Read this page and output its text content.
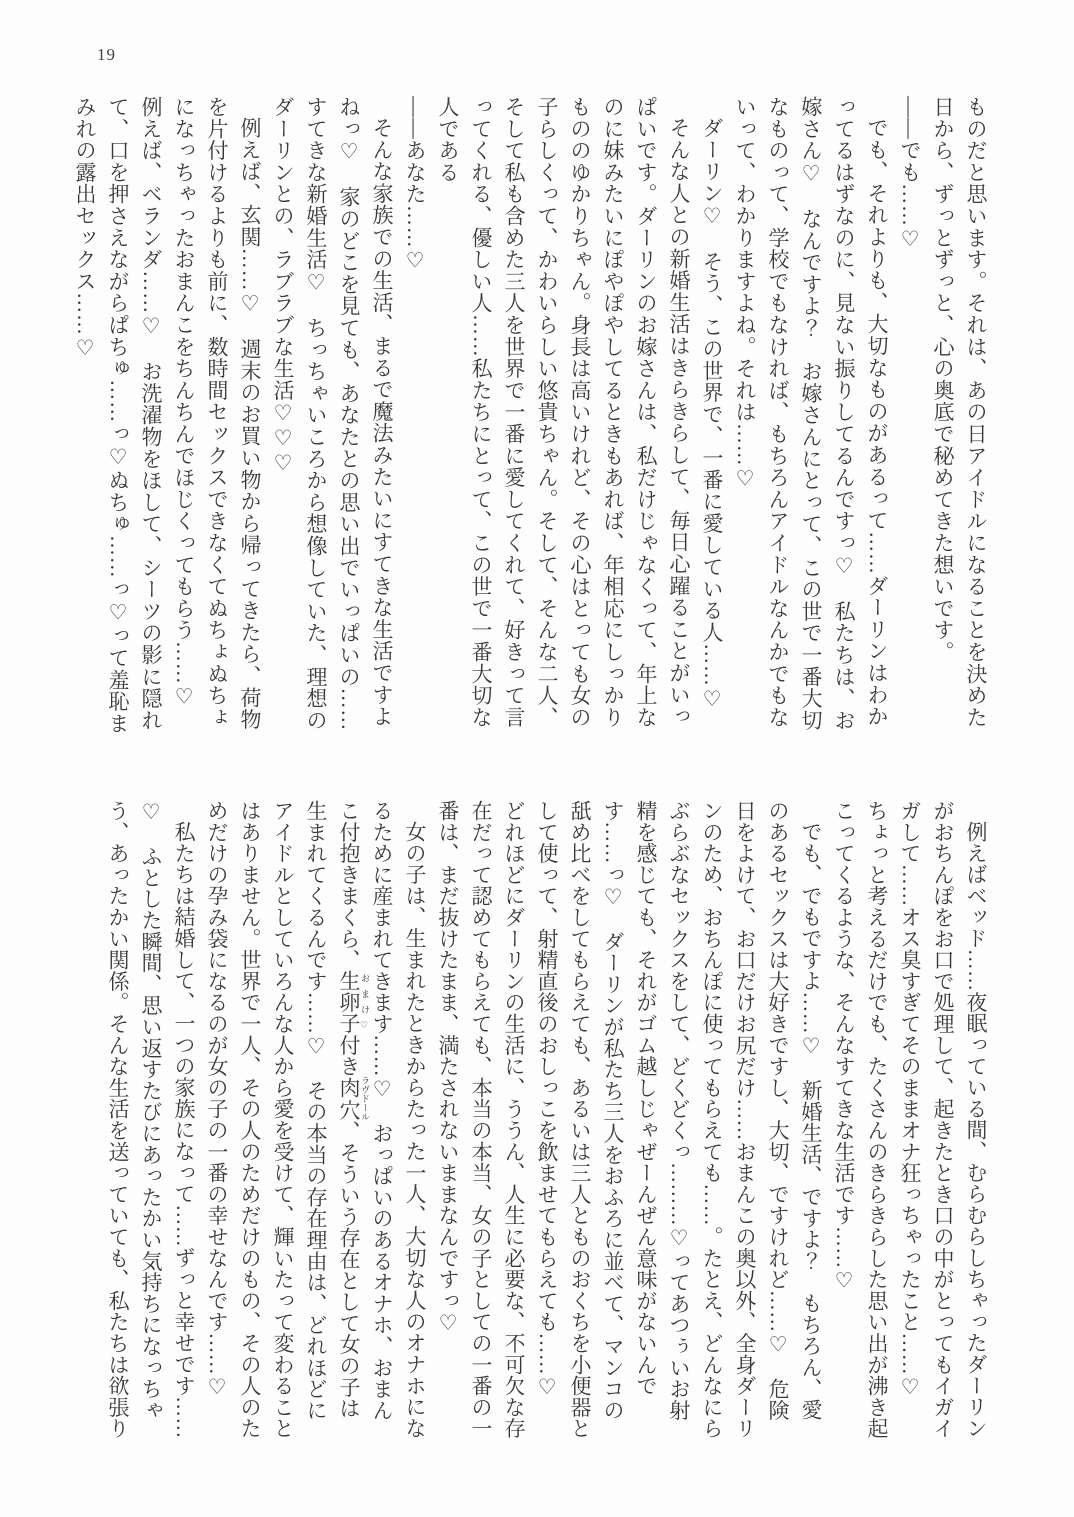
19

ものだと思います。それは、あの日アイドルになることを決めた日から、ずっとずっと、心の奥底で秘めてきた想いです。

――でも……♡

でも、それよりも、大切なものがあるって……ダーリンはわかってるはずなのに、見ない振りしてるんですっ♡　私たちは、お嫁さん♡　なんですよ？　お嫁さんにとって、この世で一番大切なものって、学校でもなければ、もちろんアイドルなんかでもないって、わかりますよね。それは……♡

ダーリン♡　そう、この世界で、一番に愛している人……♡

そんな人との新婚生活はきらきらして、毎日心躍ることがいっぱいです。ダーリンのお嫁さんは、私だけじゃなくって、年上なのに妹みたいにぽやぽやしてるときもあれば、年相応にしっかりもののゆかりちゃん。身長は高いけれど、その心はとっても女の子らしくって、かわいらしい悠貴ちゃん。そして、そんな二人、そして私も含めた三人を世界で一番に愛してくれて、好きって言ってくれる、優しい人……私たちにとって、この世で一番大切な人である

――あなた……♡

そんな家族での生活、まるで魔法みたいにすてきな生活ですよねっ♡　家のどこを見ても、あなたとの思い出でいっぱいの……すてきな新婚生活♡　ちっちゃいころから想像していた、理想のダーリンとの、ラブラブな生活♡♡♡

例えば、玄関……♡　週末のお買い物から帰ってきたら、荷物を片付けるよりも前に、数時間セックスできなくてぬちょぬちょになっちゃったおまんこをちんちんでほじくってもらう……♡　例えば、ベランダ……♡　お洗濯物をほして、シーツの影に隠れて、口を押さえながらぱちゅ……っ♡ぬちゅ……っ♡って羞恥まみれの露出セックス……♡

例えばベッド……夜眠っている間、むらむらしちゃったダーリンがおちんぽをお口で処理して、起きたとき口の中がとってもイガイガして……オス臭すぎてそのままオナ狂っちゃったこと……♡　ちょっと考えるだけでも、たくさんのきらきらした思い出が沸き起こってくるような、そんなすてきな生活です……♡

でも、でもですよ……♡　新婚生活、ですよ？　もちろん、愛のあるセックスは大好きですし、大切、ですけれど……♡　危険日をよけて、お口だけお尻だけ……おまんこの奥以外、全身ダーリンのため、おちんぽに使ってもらえても……。たとえ、どんなにらぶらぶなセックスをして、どくどくっ………♡ってあつぅいお射精を感じても、それがゴム越しじゃぜーんぜん意味がないんです……っ♡　ダーリンが私たち三人をおふろに並べて、マンコの舐め比べをしてもらえても、あるいは三人とものおくちを小便器として使って、射精直後のおしっこを飲ませてもらえても……♡　どれほどにダーリンの生活に、ううん、人生に必要な、不可欠な存在だって認めてもらえても、本当の本当、女の子としての一番の一番は、まだ抜けたまま、満たされないままなんですっ♡

女の子は、生まれたときからたった一人、大切な人のオナホになるために産まれてきます……♡　おっぱいのあるオナホ、おまんこ付抱きまくら、生卵子 おまけ♡付き肉穴 ラヴドール、そういう存在として女の子は生まれてくるんです……♡　その本当の存在理由は、どれほどにアイドルとしていろんな人から愛を受けて、輝いたって変わることはありません。世界で一人、その人のためだけのもの、その人のためだけの孕み袋になるのが女の子の一番の幸せなんです……♡

私たちは結婚して、一つの家族になって……ずっと幸せです……♡　ふとした瞬間、思い返すたびにあったかい気持ちになっちゃう、あったかい関係。そんな生活を送っていても、私たちは欲張り
